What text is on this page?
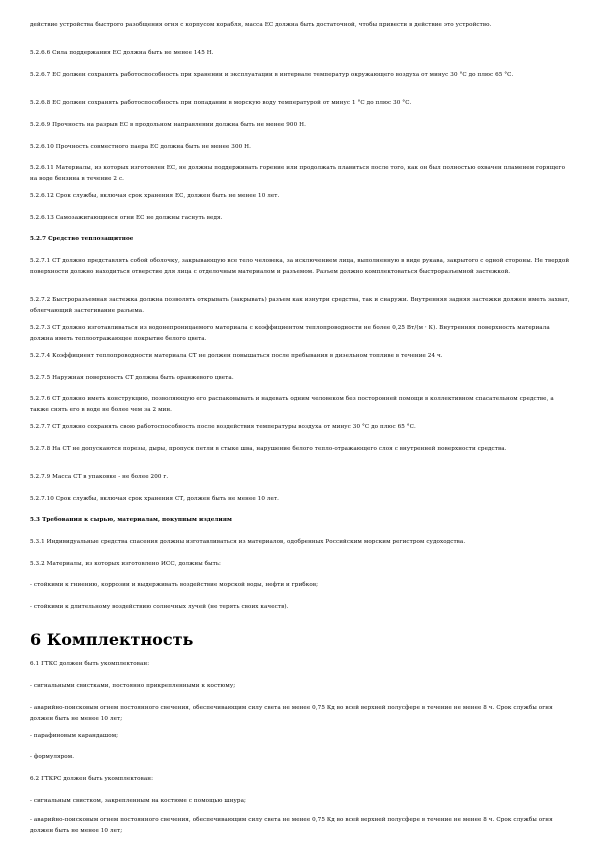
действие устройства быстрого разобщения огня с корпусом корабля, масса ЕС должна быть достаточной, чтобы привести в действие это устройство.

5.2.6.6 Сила поддержания ЕС должна быть не менее 145 Н.

5.2.6.7 ЕС должен сохранять работоспособность при хранении и эксплуатации в интервале температур окружающего воздуха от минус 30 °С до плюс 65 °С.

5.2.6.8 ЕС должен сохранять работоспособность при попадании в морскую воду температурой от минус 1 °С до плюс 30 °С.

5.2.6.9 Прочность на разрыв ЕС в продольном направлении должна быть не менее 900 Н.

5.2.6.10 Прочность совместного паера ЕС должна быть не менее 300 Н.

5.2.6.11 Материалы, из которых изготовлен ЕС, не должны поддерживать горение или продолжать плавиться после того, как он был полностью охвачен пламенем горящего на воде бензина в течение 2 с.

5.2.6.12 Срок службы, включая срок хранения ЕС, должен быть не менее 10 лет.

5.2.6.13 Самозажигающиеся огни ЕС не должны гаснуть ведя.

5.2.7 Средство теплозащитное

5.2.7.1 СТ должно представлять собой оболочку, закрывающую все тело человека, за исключением лица, выполненную в виде рукава, закрытого с одной стороны. Не твердой поверхности должно находиться отверстие для лица с отделочным материалом и разъемом. Разъем должно комплектоваться быстроразъемной застежкой.

5.2.7.2 Быстроразъемная застежка должна позволять открывать (закрывать) разъем как изнутри средства, так и снаружи. Внутренняя задняя застежки должен иметь захват, облегчающий застегивание разъема.

5.2.7.3 СТ должно изготавливаться из водонепроницаемого материала с коэффициентом теплопроводности не более 0,25 Вт/(м · К). Внутренняя поверхность материала должна иметь теплоотражающее покрытие белого цвета.

5.2.7.4 Коэффициент теплопроводности материала СТ не должен повышаться после пребывания в дизельном топливе в течение 24 ч.

5.2.7.5 Наружная поверхность СТ должна быть оранжевого цвета.

5.2.7.6 СТ должно иметь конструкцию, позволяющую его распаковывать и надевать одним человеком без посторонней помощи в коллективном спасательном средстве, а также снять его в воде не более чем за 2 мин.

5.2.7.7 СТ должно сохранять свою работоспособность после воздействия температуры воздуха от минус 30 °С до плюс 65 °С.

5.2.7.8 На СТ не допускаются порезы, дыры, пропуск петли в стыке шва, нарушение белого тепло-отражающего слоя с внутренней поверхности средства.

5.2.7.9 Масса СТ в упаковке - не более 200 г.

5.2.7.10 Срок службы, включая срок хранения СТ, должен быть не менее 10 лет.

5.3 Требования к сырью, материалам, покупным изделиям

5.3.1 Индивидуальные средства спасения должны изготавливаться из материалов, одобренных Российским морским регистром судоходства.

5.3.2 Материалы, из которых изготовлено ИСС, должны быть:

- стойкими к гниению, коррозии и выдерживать воздействие морской воды, нефти и грибков;

- стойкими к длительному воздействию солнечных лучей (не терять своих качеств).

6 Комплектность

6.1 ГТКС должен быть укомплектован:

- сигнальными свистками, постоянно прикрепленными к костюму;

- аварийно-поисковым огнем постоянного свечения, обеспечивающим силу света не менее 0,75 Кд во всей верхней полусфере в течение не менее 8 ч. Срок службы огня должен быть не менее 10 лет;

- парафиновым карандашом;

- формуляром.

6.2 ГТКРС должен быть укомплектован:

- сигнальным свистком, закрепленным на костюме с помощью шнура;

- аварийно-поисковым огнем постоянного свечения, обеспечивающим силу света не менее 0,75 Кд во всей верхней полусфере в течение не менее 8 ч. Срок службы огня должен быть не менее 10 лет;
